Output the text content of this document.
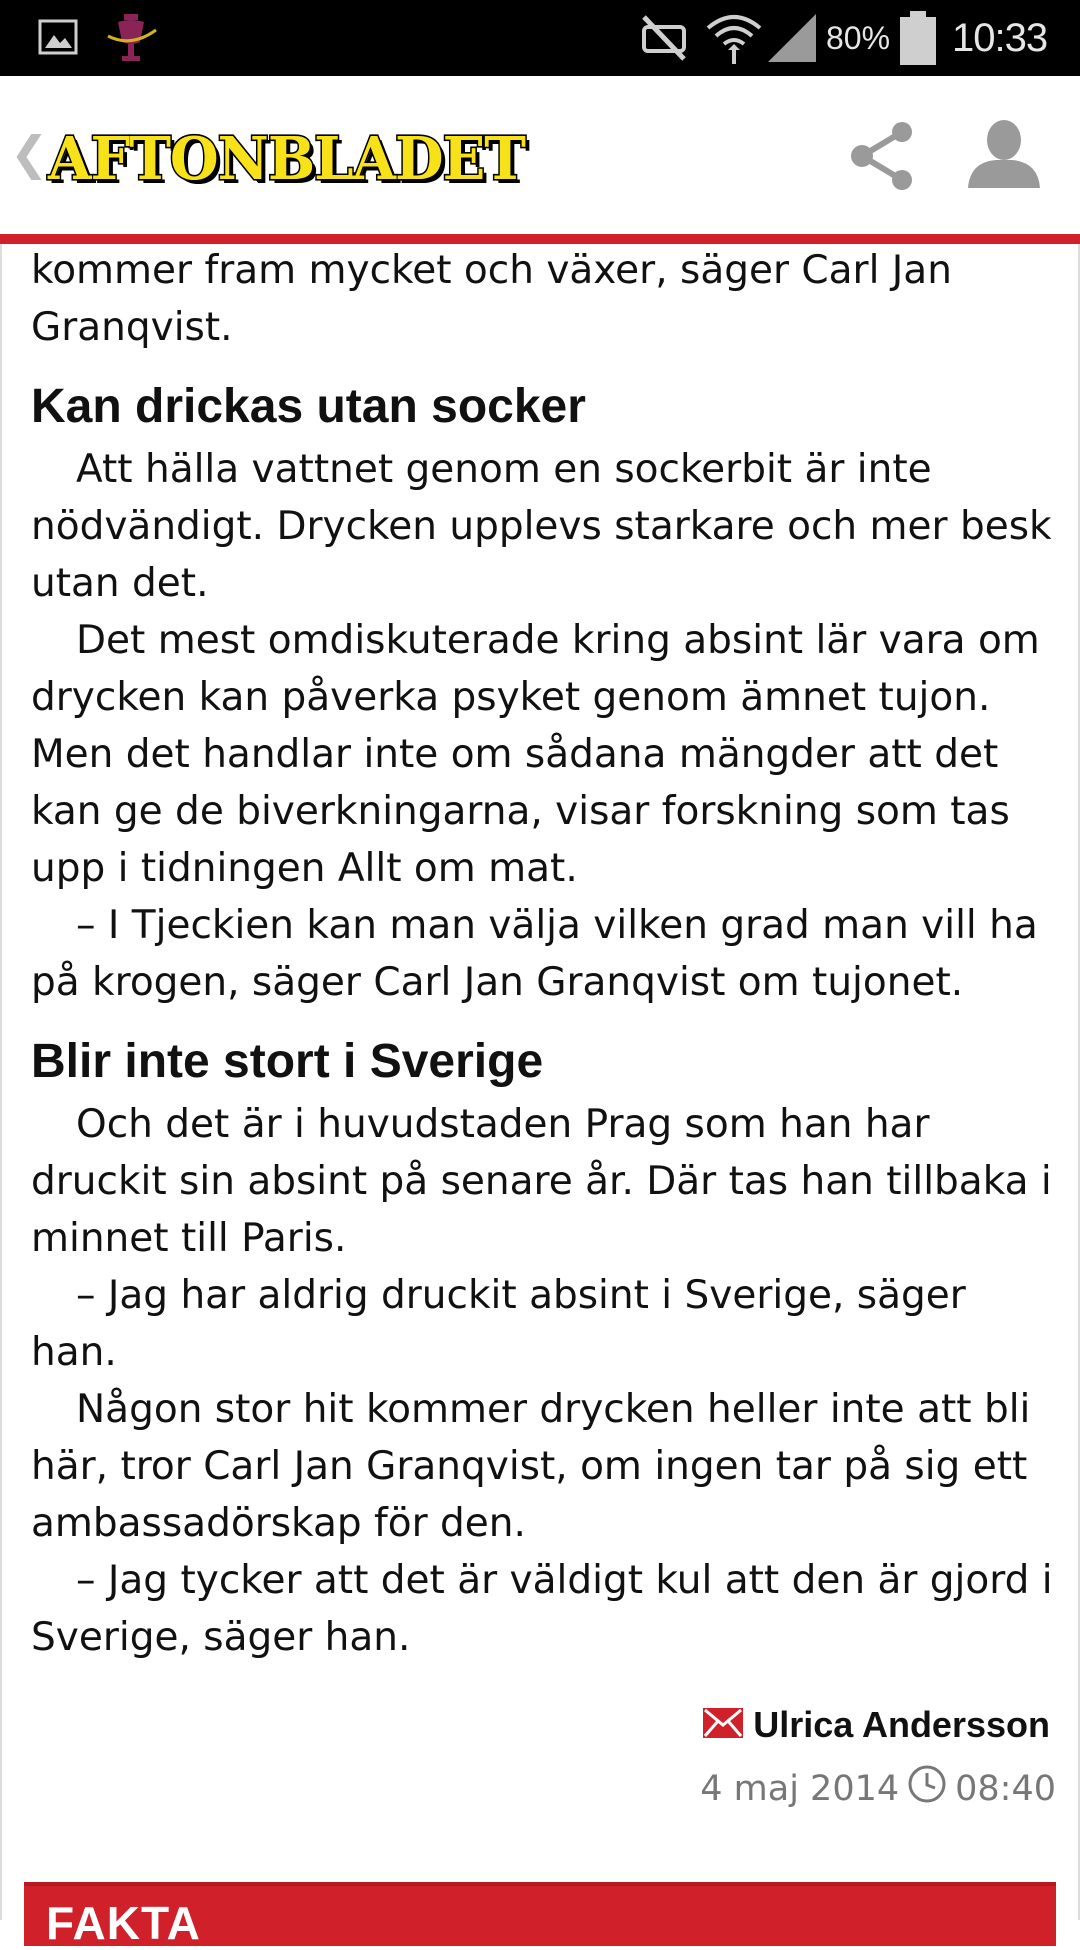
80% 10:33
❮ AFTONBLADET

kommer fram mycket och växer, säger Carl Jan Granqvist.

Kan drickas utan socker

Att hälla vattnet genom en sockerbit är inte nödvändigt. Drycken upplevs starkare och mer besk utan det.

Det mest omdiskuterade kring absint lär vara om drycken kan påverka psyket genom ämnet tujon. Men det handlar inte om sådana mängder att det kan ge de biverkningarna, visar forskning som tas upp i tidningen Allt om mat.

– I Tjeckien kan man välja vilken grad man vill ha på krogen, säger Carl Jan Granqvist om tujonet.

Blir inte stort i Sverige

Och det är i huvudstaden Prag som han har druckit sin absint på senare år. Där tas han tillbaka i minnet till Paris.

– Jag har aldrig druckit absint i Sverige, säger han.

Någon stor hit kommer drycken heller inte att bli här, tror Carl Jan Granqvist, om ingen tar på sig ett ambassadörskap för den.

– Jag tycker att det är väldigt kul att den är gjord i Sverige, säger han.

Ulrica Andersson
4 maj 2014 08:40
FAKTA
